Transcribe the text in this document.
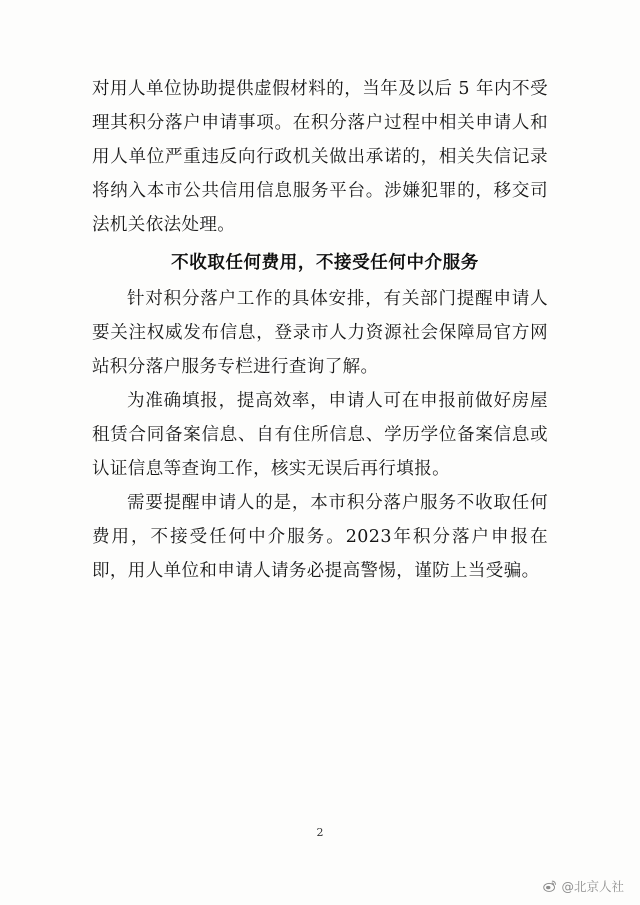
对用人单位协助提供虚假材料的，当年及以后 5 年内不受理其积分落户申请事项。在积分落户过程中相关申请人和用人单位严重违反向行政机关做出承诺的，相关失信记录将纳入本市公共信用信息服务平台。涉嫌犯罪的，移交司法机关依法处理。

不收取任何费用，不接受任何中介服务

针对积分落户工作的具体安排，有关部门提醒申请人要关注权威发布信息，登录市人力资源社会保障局官方网站积分落户服务专栏进行查询了解。

为准确填报，提高效率，申请人可在申报前做好房屋租赁合同备案信息、自有住所信息、学历学位备案信息或认证信息等查询工作，核实无误后再行填报。

需要提醒申请人的是，本市积分落户服务不收取任何费用，不接受任何中介服务。2023年积分落户申报在即，用人单位和申请人请务必提高警惕，谨防上当受骗。

2
@北京人社
